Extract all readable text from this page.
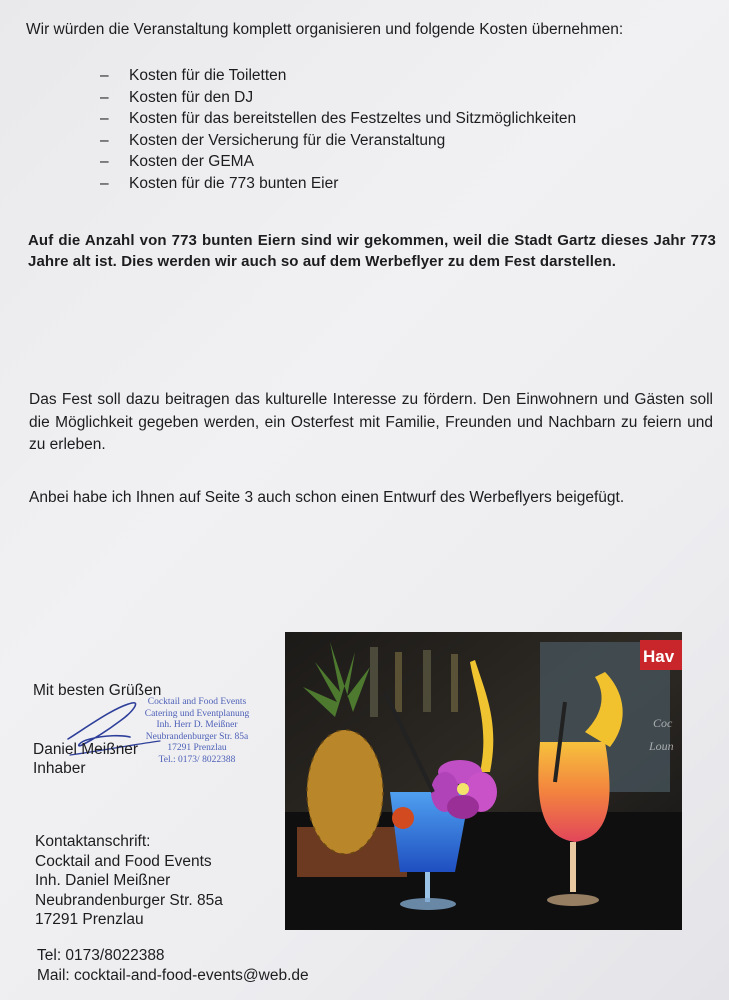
Wir würden die Veranstaltung komplett organisieren und folgende Kosten übernehmen:

– Kosten für die Toiletten
– Kosten für den DJ
– Kosten für das bereitstellen des Festzeltes und Sitzmöglichkeiten
– Kosten der Versicherung für die Veranstaltung
– Kosten der GEMA
– Kosten für die 773 bunten Eier

Auf die Anzahl von 773 bunten Eiern sind wir gekommen, weil die Stadt Gartz dieses Jahr 773 Jahre alt ist. Dies werden wir auch so auf dem Werbeflyer zu dem Fest darstellen.

Das Fest soll dazu beitragen das kulturelle Interesse zu fördern. Den Einwohnern und Gästen soll die Möglichkeit gegeben werden, ein Osterfest mit Familie, Freunden und Nachbarn zu feiern und zu erleben.

Anbei habe ich Ihnen auf Seite 3 auch schon einen Entwurf des Werbeflyers beigefügt.

Mit besten Grüßen
Cocktail and Food Events
Catering und Eventplanung
Inh. Herr D. Meißner
Neubrandenburger Str. 85a
17291 Prenzlau
Tel.: 0173/ 8022388
Daniel Meißner
Inhaber
Kontaktanschrift:
Cocktail and Food Events
Inh. Daniel Meißner
Neubrandenburger Str. 85a
17291 Prenzlau
Tel: 0173/8022388
Mail: cocktail-and-food-events@web.de
Hav
Coc
Loun
